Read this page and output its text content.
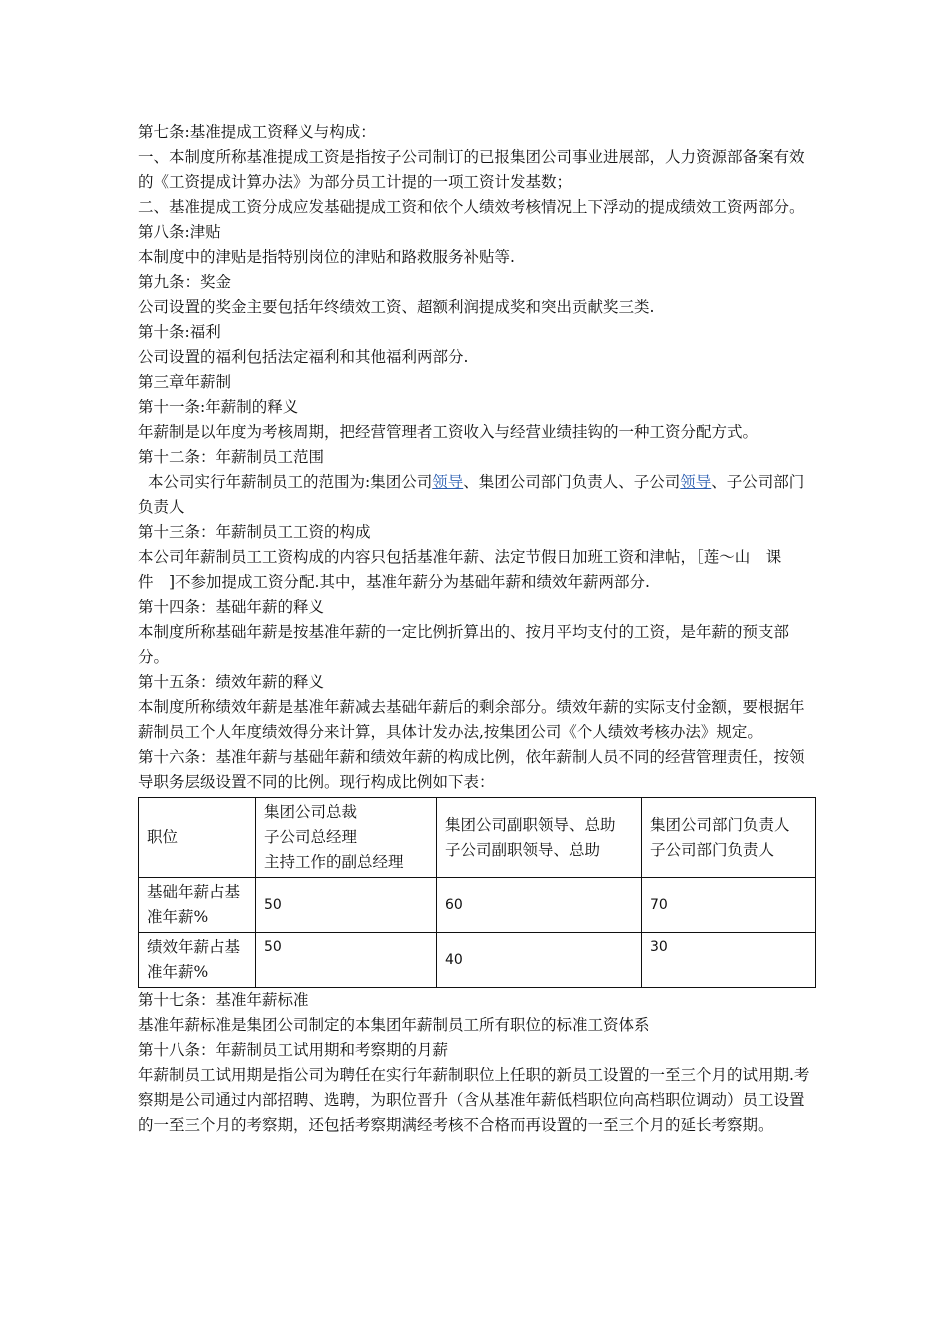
第七条:基准提成工资释义与构成：

一、本制度所称基准提成工资是指按子公司制订的已报集团公司事业进展部，人力资源部备案有效的《工资提成计算办法》为部分员工计提的一项工资计发基数；

二、基准提成工资分成应发基础提成工资和依个人绩效考核情况上下浮动的提成绩效工资两部分。

第八条:津贴

本制度中的津贴是指特别岗位的津贴和路救服务补贴等.

第九条：奖金

公司设置的奖金主要包括年终绩效工资、超额利润提成奖和突出贡献奖三类.

第十条:福利

公司设置的福利包括法定福利和其他福利两部分.

第三章年薪制

第十一条:年薪制的释义

年薪制是以年度为考核周期，把经营管理者工资收入与经营业绩挂钩的一种工资分配方式。

第十二条：年薪制员工范围

本公司实行年薪制员工的范围为:集团公司领导、集团公司部门负责人、子公司领导、子公司部门负责人

第十三条：年薪制员工工资的构成

本公司年薪制员工工资构成的内容只包括基准年薪、法定节假日加班工资和津帖，［莲～山　课件　]不参加提成工资分配.其中，基准年薪分为基础年薪和绩效年薪两部分.

第十四条：基础年薪的释义

本制度所称基础年薪是按基准年薪的一定比例折算出的、按月平均支付的工资，是年薪的预支部分。

第十五条：绩效年薪的释义

本制度所称绩效年薪是基准年薪减去基础年薪后的剩余部分。绩效年薪的实际支付金额，要根据年薪制员工个人年度绩效得分来计算，具体计发办法,按集团公司《个人绩效考核办法》规定。

第十六条：基准年薪与基础年薪和绩效年薪的构成比例，依年薪制人员不同的经营管理责任，按领导职务层级设置不同的比例。现行构成比例如下表：

职位	集团公司总裁
子公司总经理
主持工作的副总经理	集团公司副职领导、总助
子公司副职领导、总助	集团公司部门负责人
子公司部门负责人

基础年薪占基准年薪%	50	60	70
绩效年薪占基准年薪%	50	40	30

第十七条：基准年薪标准

基准年薪标准是集团公司制定的本集团年薪制员工所有职位的标准工资体系

第十八条：年薪制员工试用期和考察期的月薪

年薪制员工试用期是指公司为聘任在实行年薪制职位上任职的新员工设置的一至三个月的试用期.考察期是公司通过内部招聘、选聘，为职位晋升（含从基准年薪低档职位向高档职位调动）员工设置的一至三个月的考察期，还包括考察期满经考核不合格而再设置的一至三个月的延长考察期。
